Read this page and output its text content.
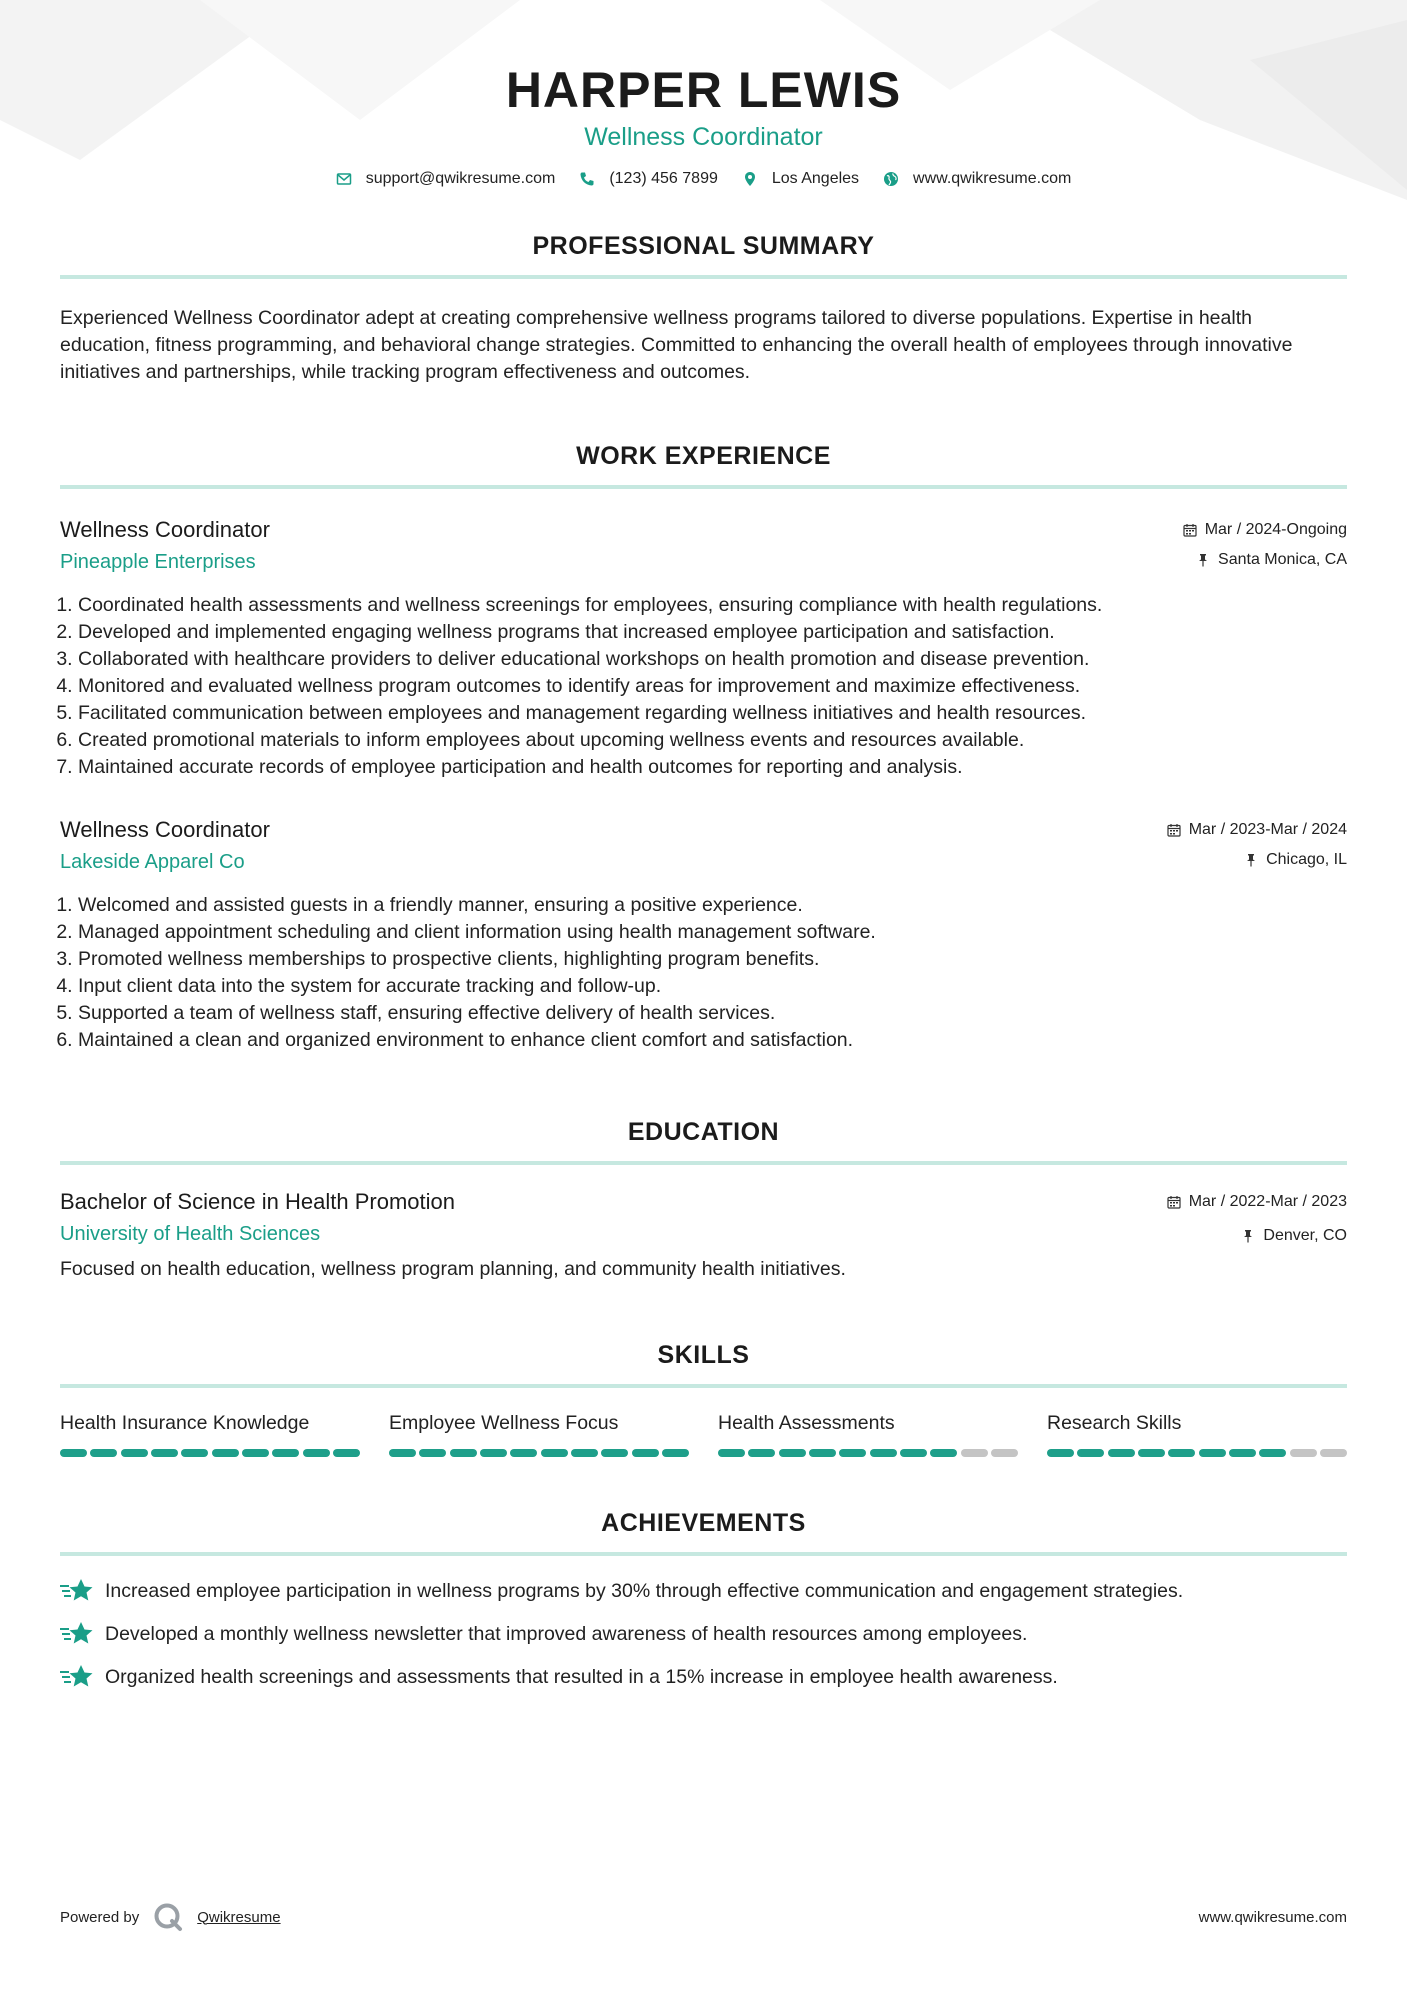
HARPER LEWIS
Wellness Coordinator
support@qwikresume.com	(123) 456 7899	Los Angeles	www.qwikresume.com
PROFESSIONAL SUMMARY
Experienced Wellness Coordinator adept at creating comprehensive wellness programs tailored to diverse populations. Expertise in health education, fitness programming, and behavioral change strategies. Committed to enhancing the overall health of employees through innovative initiatives and partnerships, while tracking program effectiveness and outcomes.
WORK EXPERIENCE
Wellness Coordinator
Pineapple Enterprises
Mar / 2024-Ongoing
Santa Monica, CA
1. Coordinated health assessments and wellness screenings for employees, ensuring compliance with health regulations.
2. Developed and implemented engaging wellness programs that increased employee participation and satisfaction.
3. Collaborated with healthcare providers to deliver educational workshops on health promotion and disease prevention.
4. Monitored and evaluated wellness program outcomes to identify areas for improvement and maximize effectiveness.
5. Facilitated communication between employees and management regarding wellness initiatives and health resources.
6. Created promotional materials to inform employees about upcoming wellness events and resources available.
7. Maintained accurate records of employee participation and health outcomes for reporting and analysis.
Wellness Coordinator
Lakeside Apparel Co
Mar / 2023-Mar / 2024
Chicago, IL
1. Welcomed and assisted guests in a friendly manner, ensuring a positive experience.
2. Managed appointment scheduling and client information using health management software.
3. Promoted wellness memberships to prospective clients, highlighting program benefits.
4. Input client data into the system for accurate tracking and follow-up.
5. Supported a team of wellness staff, ensuring effective delivery of health services.
6. Maintained a clean and organized environment to enhance client comfort and satisfaction.
EDUCATION
Bachelor of Science in Health Promotion
University of Health Sciences
Mar / 2022-Mar / 2023
Denver, CO
Focused on health education, wellness program planning, and community health initiatives.
SKILLS
Health Insurance Knowledge	Employee Wellness Focus	Health Assessments	Research Skills
ACHIEVEMENTS
Increased employee participation in wellness programs by 30% through effective communication and engagement strategies.
Developed a monthly wellness newsletter that improved awareness of health resources among employees.
Organized health screenings and assessments that resulted in a 15% increase in employee health awareness.
Powered by	Qwikresume	www.qwikresume.com
